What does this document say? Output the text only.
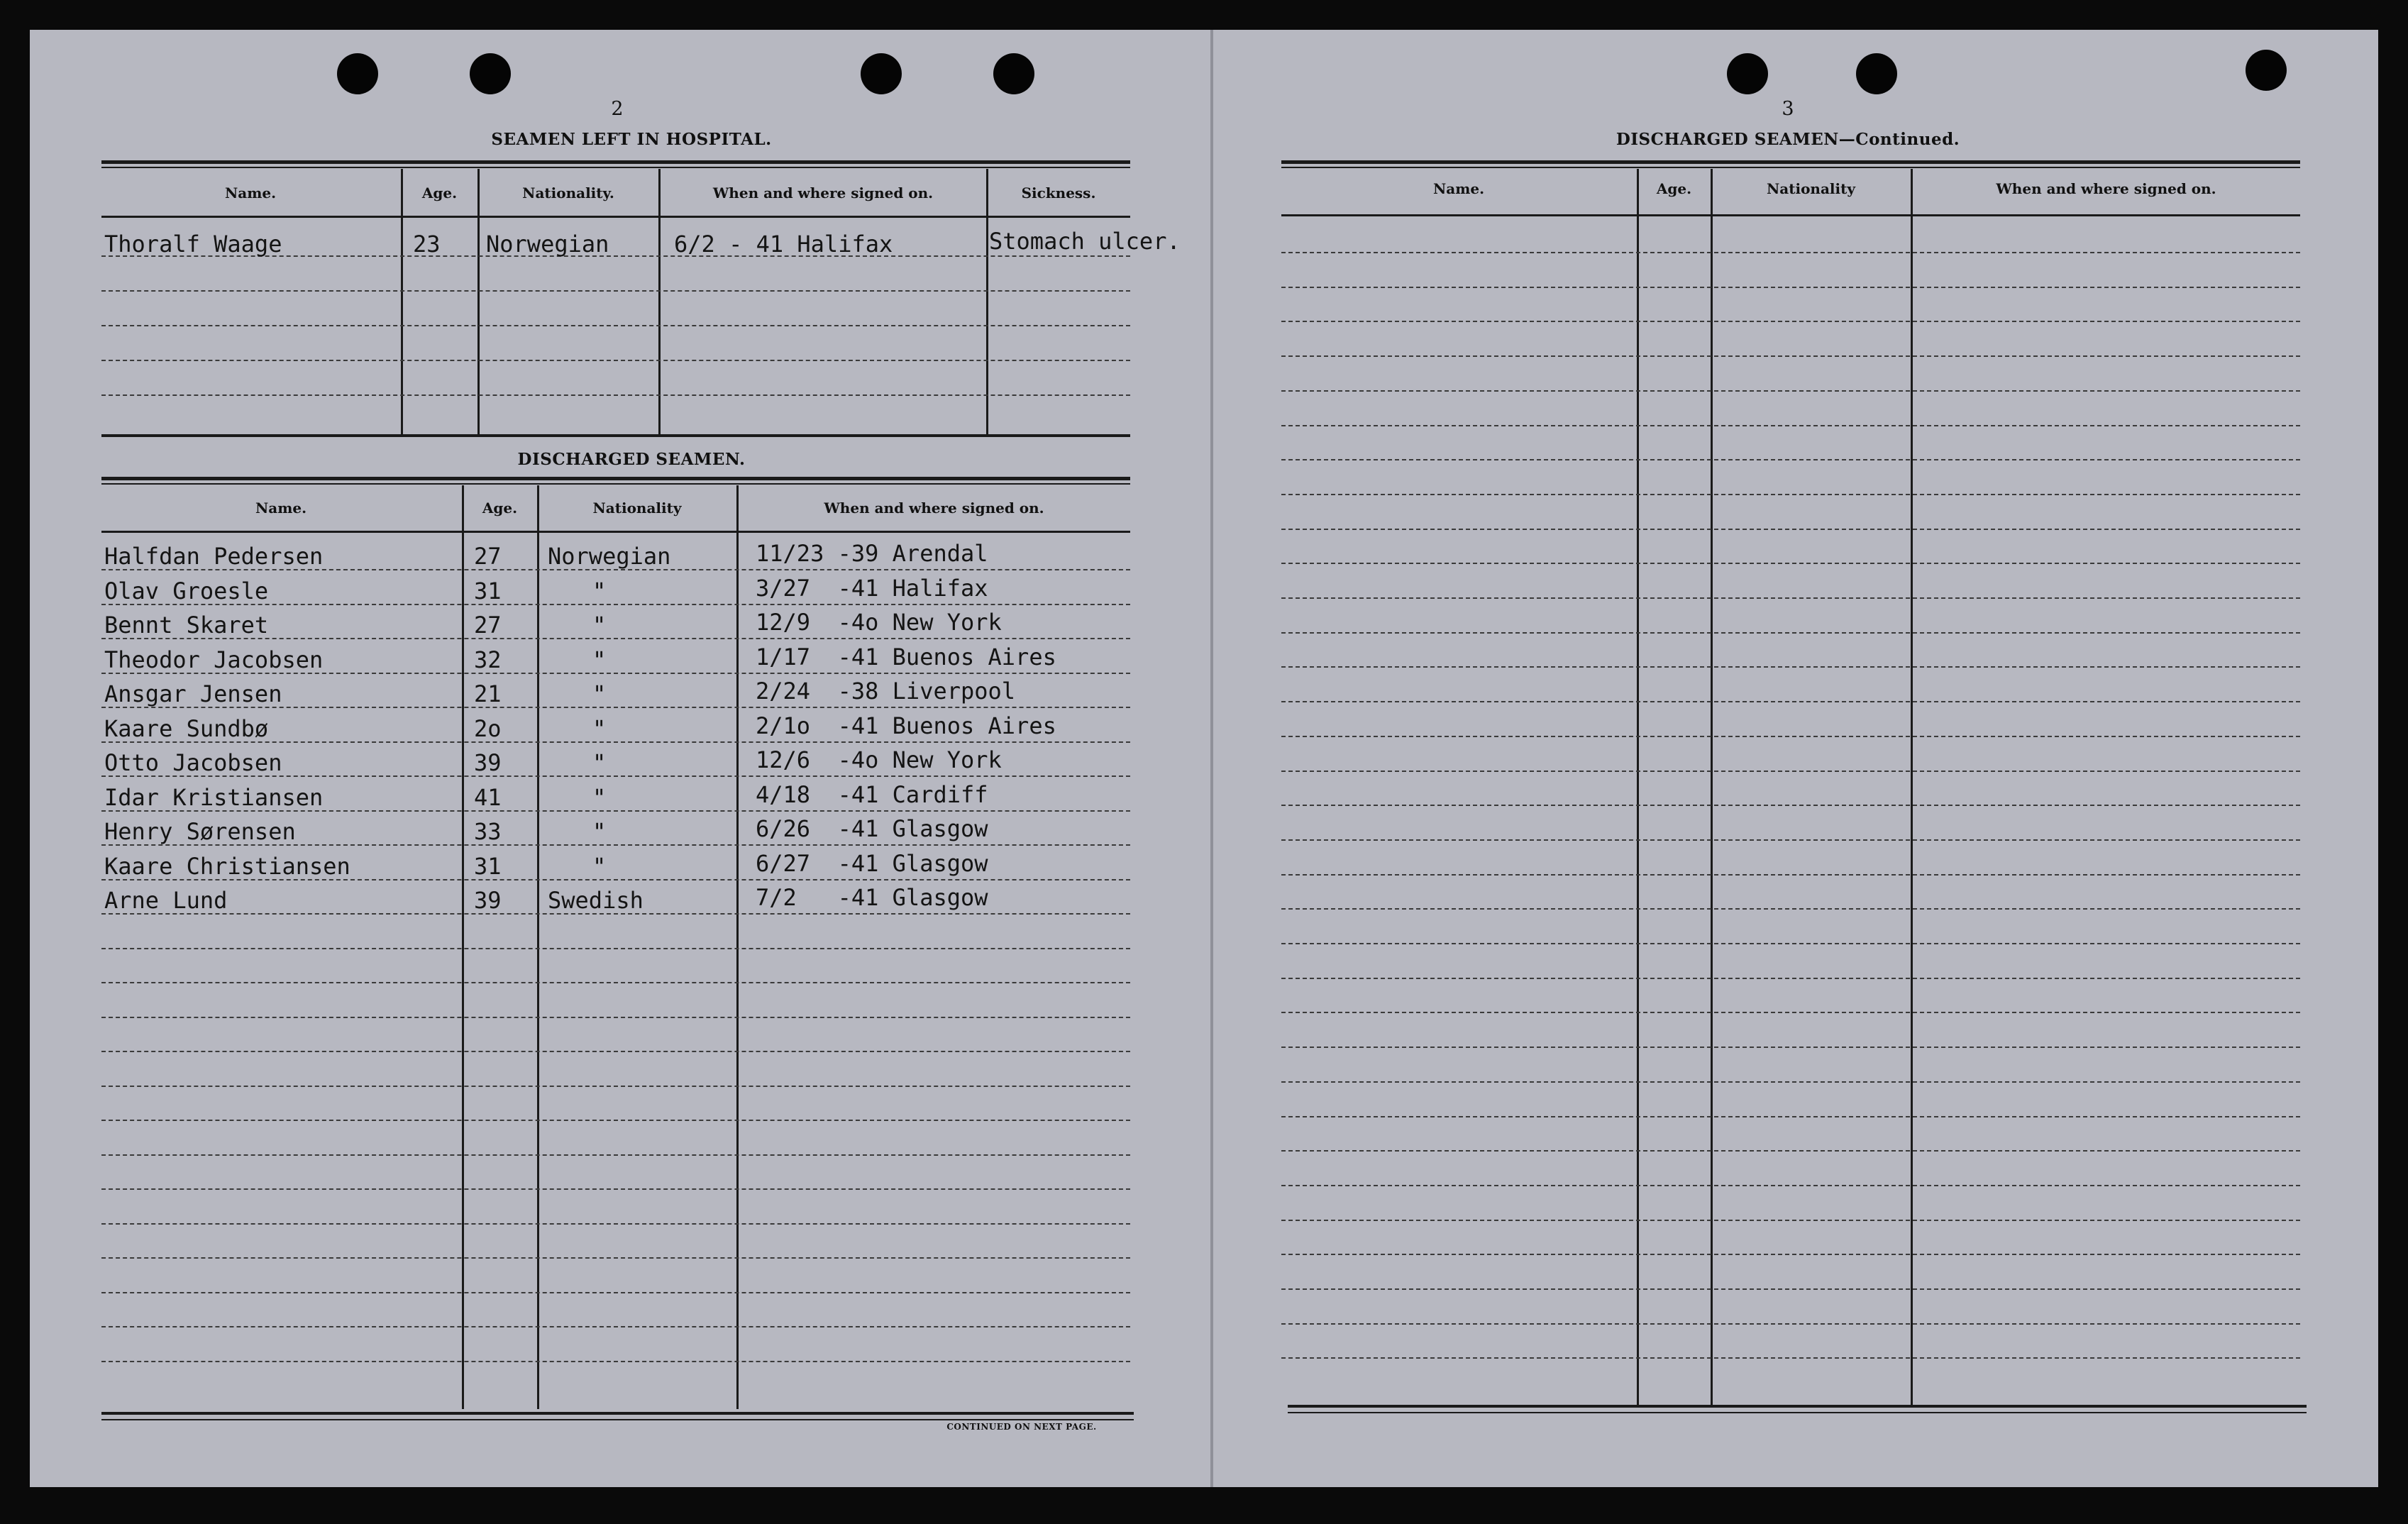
2
SEAMEN LEFT IN HOSPITAL.
Name.	Age.	Nationality.	When and where signed on.	Sickness.
Thoralf Waage	23 Norwegian	6/2 - 41 Halifax	Stomach ulcer.
DISCHARGED SEAMEN.
Name.	Age.	Nationality	When and where signed on.
Halfdan Pedersen	27 Norwegian	11/23 -39 Arendal
Olav Groesle	31	"	3/27  -41 Halifax
Bennt Skaret	27	"	12/9  -4o New York
Theodor Jacobsen	32	"	1/17  -41 Buenos Aires
Ansgar Jensen	21	"	2/24  -38 Liverpool
Kaare Sundbø	2o	"	2/1o  -41 Buenos Aires
Otto Jacobsen	39	"	12/6  -4o New York
Idar Kristiansen	41	"	4/18  -41 Cardiff
Henry Sørensen	33	"	6/26  -41 Glasgow
Kaare Christiansen	31	"	6/27  -41 Glasgow
Arne Lund	39 Swedish	7/2   -41 Glasgow
CONTINUED ON NEXT PAGE.
3
DISCHARGED SEAMEN—Continued.
Name.	Age.	Nationality	When and where signed on.
